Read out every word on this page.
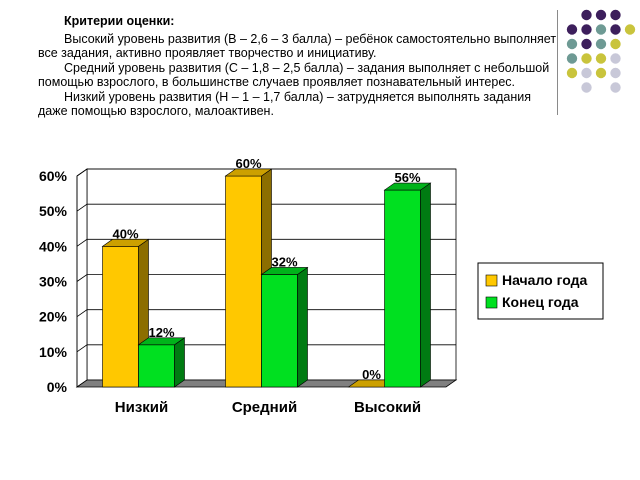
Критерии оценки:

Высокий уровень развития (В – 2,6 – 3 балла) – ребёнок самостоятельно выполняет все задания, активно проявляет творчество и инициативу.

Средний уровень развития (С – 1,8 – 2,5 балла) – задания выполняет с небольшой помощью взрослого, в большинстве случаев проявляет познавательный интерес.

Низкий уровень развития (Н – 1 – 1,7 балла) – затрудняется выполнять задания даже помощью взрослого, малоактивен.

0%
10%
20%
30%
40%
50%
60%
40%
12%
Низкий
60%
32%
Средний
0%
56%
Высокий
Начало года
Конец года
